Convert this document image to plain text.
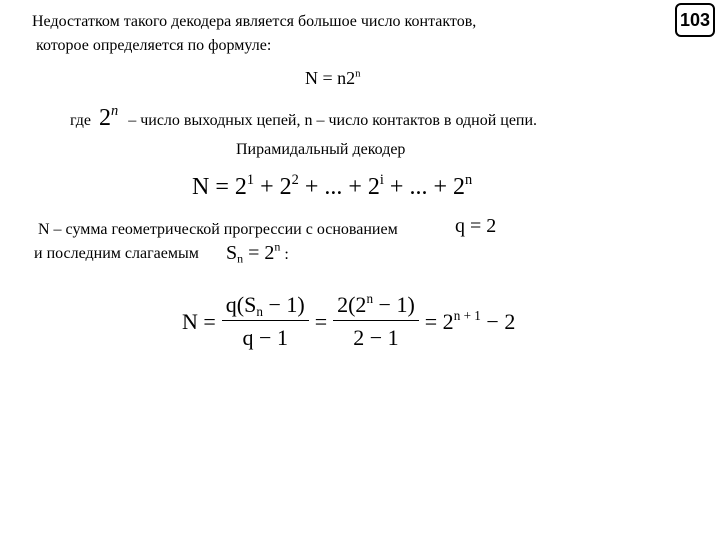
103
Недостатком такого декодера является большое число контактов,
которое определяется по формуле:
$N = n2^n$
где 2$^n$ – число выходных цепей, n – число контактов в одной цепи.
Пирамидальный декодер
$N = 2^1 + 2^2$ + ... + $2^i$ + ... + $2^n$
N – сумма геометрической прогрессии с основанием	q = 2
и последним слагаемым $S_n = 2^n$ :
$N = \frac{q(S_n - 1)}{q - 1} = \frac{2(2^n - 1)}{2 - 1} = 2^{n + 1} - 2$
